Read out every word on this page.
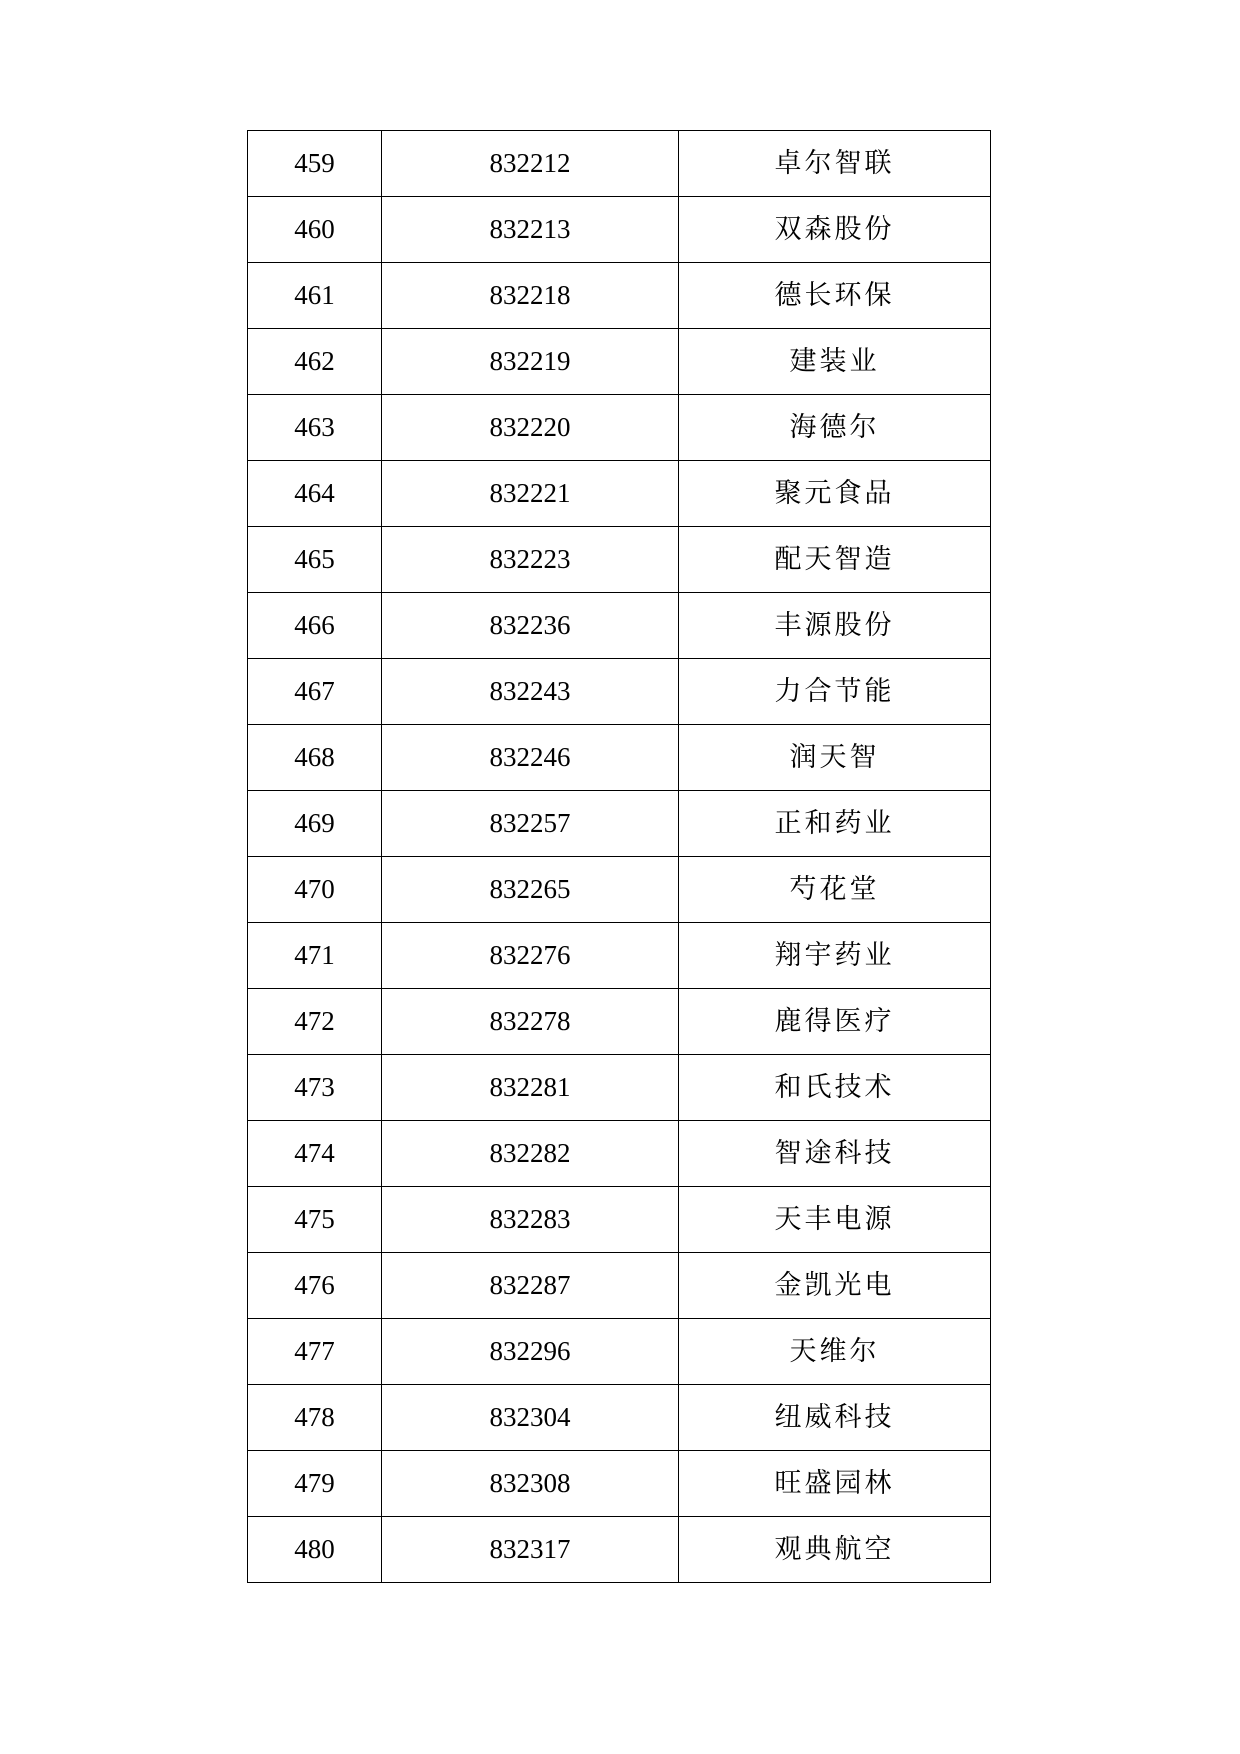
459	832212	卓尔智联
460	832213	双森股份
461	832218	德长环保
462	832219	建装业
463	832220	海德尔
464	832221	聚元食品
465	832223	配天智造
466	832236	丰源股份
467	832243	力合节能
468	832246	润天智
469	832257	正和药业
470	832265	芍花堂
471	832276	翔宇药业
472	832278	鹿得医疗
473	832281	和氏技术
474	832282	智途科技
475	832283	天丰电源
476	832287	金凯光电
477	832296	天维尔
478	832304	纽威科技
479	832308	旺盛园林
480	832317	观典航空
